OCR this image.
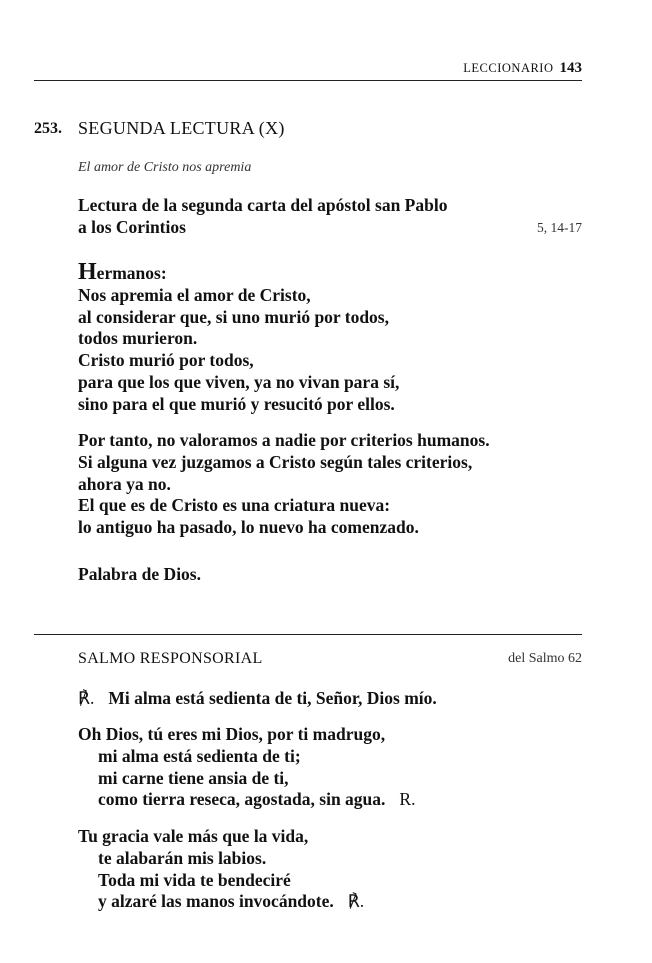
LECCIONARIO 143
253. SEGUNDA LECTURA (X)
El amor de Cristo nos apremia
Lectura de la segunda carta del apóstol san Pablo
a los Corintios	5, 14-17
Hermanos:
Nos apremia el amor de Cristo,
al considerar que, si uno murió por todos,
todos murieron.
Cristo murió por todos,
para que los que viven, ya no vivan para sí,
sino para el que murió y resucitó por ellos.
Por tanto, no valoramos a nadie por criterios humanos.
Si alguna vez juzgamos a Cristo según tales criterios,
ahora ya no.
El que es de Cristo es una criatura nueva:
lo antiguo ha pasado, lo nuevo ha comenzado.
Palabra de Dios.
SALMO RESPONSORIAL	del Salmo 62
℟. Mi alma está sedienta de ti, Señor, Dios mío.
Oh Dios, tú eres mi Dios, por ti madrugo,
mi alma está sedienta de ti;
mi carne tiene ansia de ti,
como tierra reseca, agostada, sin agua. R.
Tu gracia vale más que la vida,
te alabarán mis labios.
Toda mi vida te bendeciré
y alzaré las manos invocándote. ℟.
